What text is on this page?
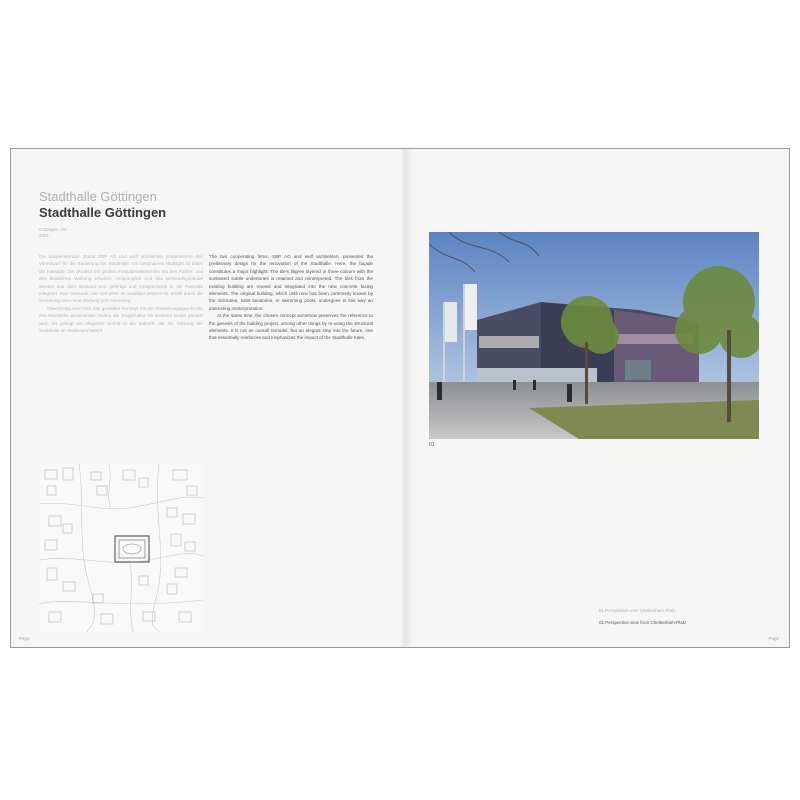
Stadthalle Göttingen
Stadthalle Göttingen
Göttingen, DE
2021

Die kooperierenden Büros SBP AG und wulf architekten präsentierten den Vorentwurf für die Sanierung der Stadthalle. Ein besonderes Highlight ist dabei die Fassade: Die Struktur mit großen Fassadenelementen mit den Farben und den bewährten Wirkung erhalten. Ursprünglich und das Bestandsgebäude werden aus dem Bestand neu gefertigt und entsprechend in die Fassade integriert. Das Gebäude, das seit jeher im Stadtbild präsent ist, erhält durch die Sanierung eine neue Wirkung und Anmutung.

Gleichzeitig setzt sich das gewählte Konzept mit der Entstehungsgeschichte des Bauwerks auseinander, indem die Tragstruktur als Bestand weiter genutzt wird. So gelingt ein eleganter Schritt in die Zukunft, der die Wirkung der Stadthalle im Stadtraum betont.

The two cooperating firms, SBP AG and wulf architekten, presented the preliminary design for the renovation of the Stadthalle. Here, the façade constitutes a major highlight: The tile’s filigree layered in three colours with the sunbased subtle undertones is retained and reinterpreted. The tiles from the existing building are reused and integrated into the new concrete facing elements. The original building, which until now has been commonly known by the nickname, toilet lavatories, or swimming pools, undergoes in this way an interesting reinterpretation.

At the same time, the chosen concept somehow preserves the reference to the genesis of the building project, among other things by re-using the structural elements. It is not an overall remodel, but an elegant step into the future, one that essentially reinforces and emphasizes the impact of the Stadthalle rules.

Page
01
01 Perspektive vom Cheltenham-Platz
01 Perspective view from Cheltenham-Platz
Page
